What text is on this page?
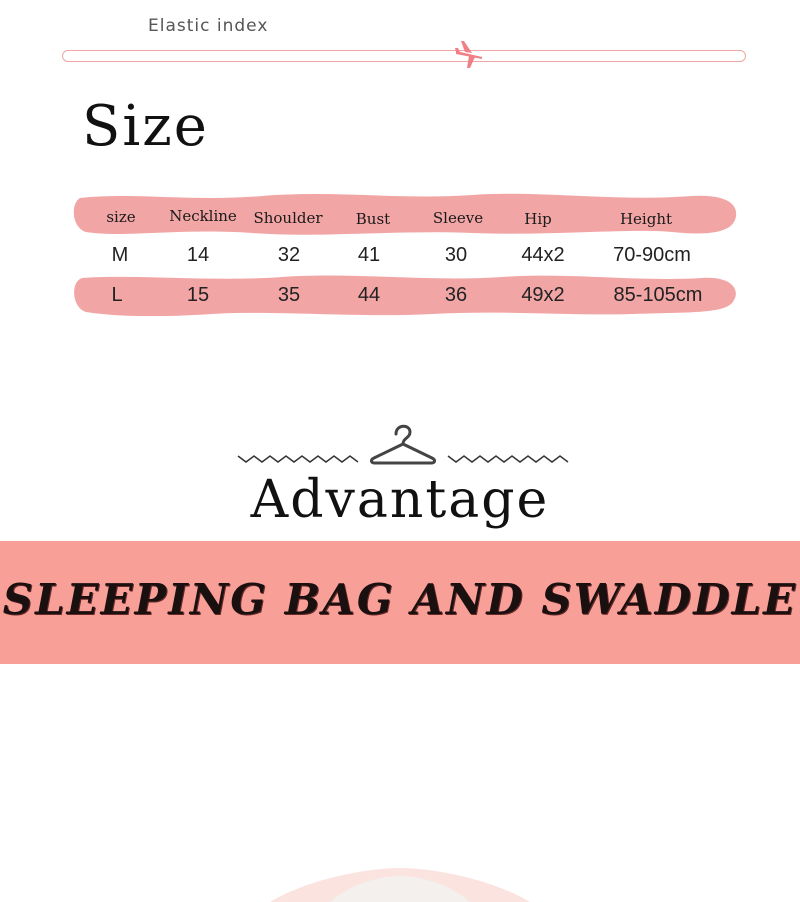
Elastic index
Size
size Neckline Shoulder Bust	Sleeve	Hip	Height
M	14	32	41	30	44x2 70-90cm
L	15	35	44	36	49x2 85-105cm
Advantage
SLEEPING BAG AND SWADDLE
